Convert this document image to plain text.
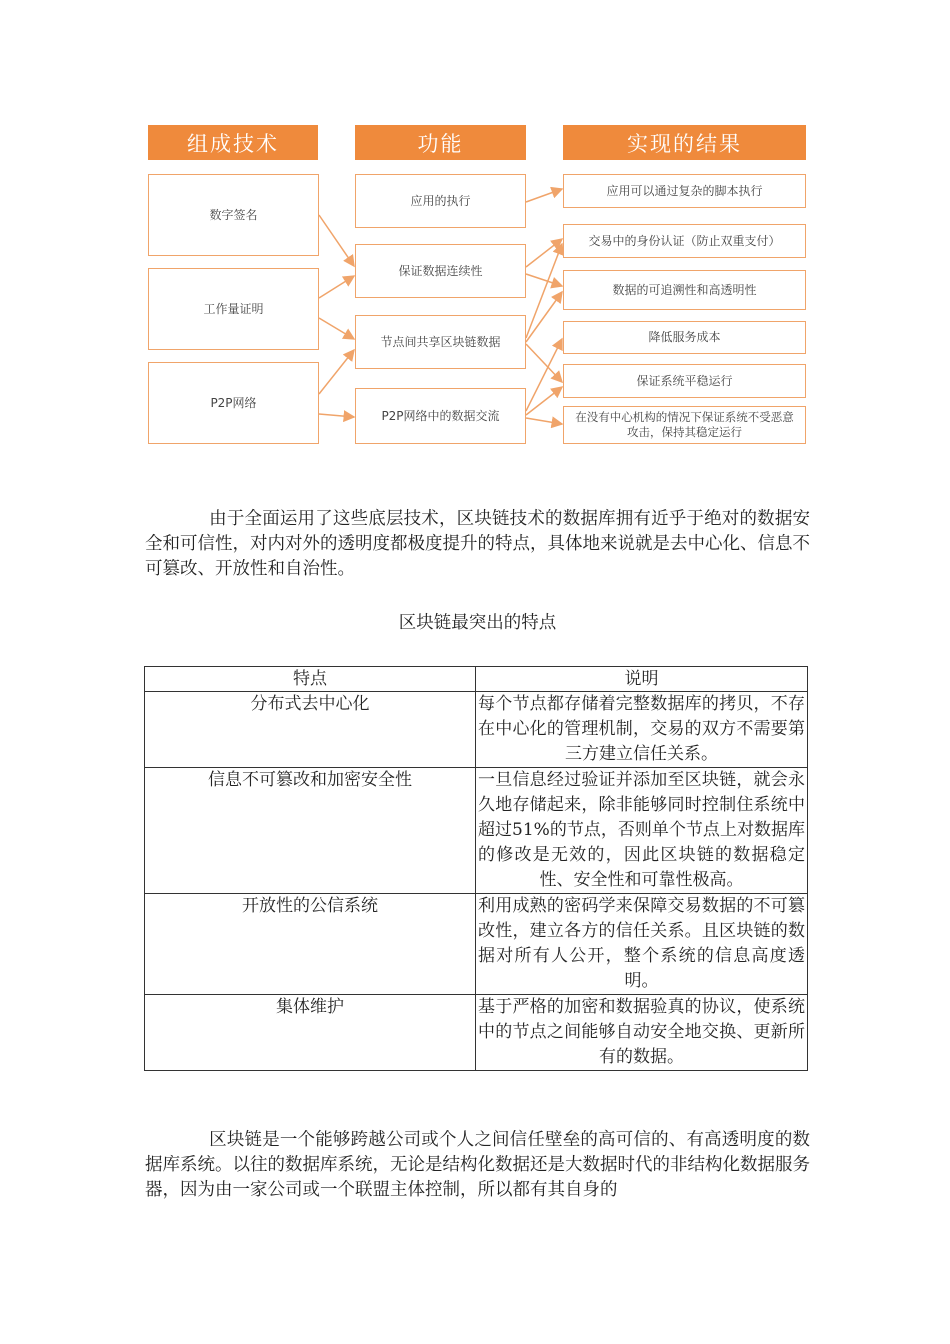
组成技术	功能	实现的结果
数字签名
工作量证明
P2P网络
应用的执行
保证数据连续性
节点间共享区块链数据
P2P网络中的数据交流
应用可以通过复杂的脚本执行
交易中的身份认证（防止双重支付）
数据的可追溯性和高透明性
降低服务成本
保证系统平稳运行
在没有中心机构的情况下保证系统不受恶意攻击，保持其稳定运行

由于全面运用了这些底层技术，区块链技术的数据库拥有近乎于绝对的数据安全和可信性，对内对外的透明度都极度提升的特点，具体地来说就是去中心化、信息不可篡改、开放性和自治性。

区块链最突出的特点
特点	说明
分布式去中心化	每个节点都存储着完整数据库的拷贝，不存在中心化的管理机制，交易的双方不需要第三方建立信任关系。
信息不可篡改和加密安全性	一旦信息经过验证并添加至区块链，就会永久地存储起来，除非能够同时控制住系统中超过51%的节点，否则单个节点上对数据库的修改是无效的，因此区块链的数据稳定性、安全性和可靠性极高。
开放性的公信系统	利用成熟的密码学来保障交易数据的不可篡改性，建立各方的信任关系。且区块链的数据对所有人公开，整个系统的信息高度透明。
集体维护	基于严格的加密和数据验真的协议，使系统中的节点之间能够自动安全地交换、更新所有的数据。

区块链是一个能够跨越公司或个人之间信任壁垒的高可信的、有高透明度的数据库系统。以往的数据库系统，无论是结构化数据还是大数据时代的非结构化数据服务器，因为由一家公司或一个联盟主体控制，所以都有其自身的
